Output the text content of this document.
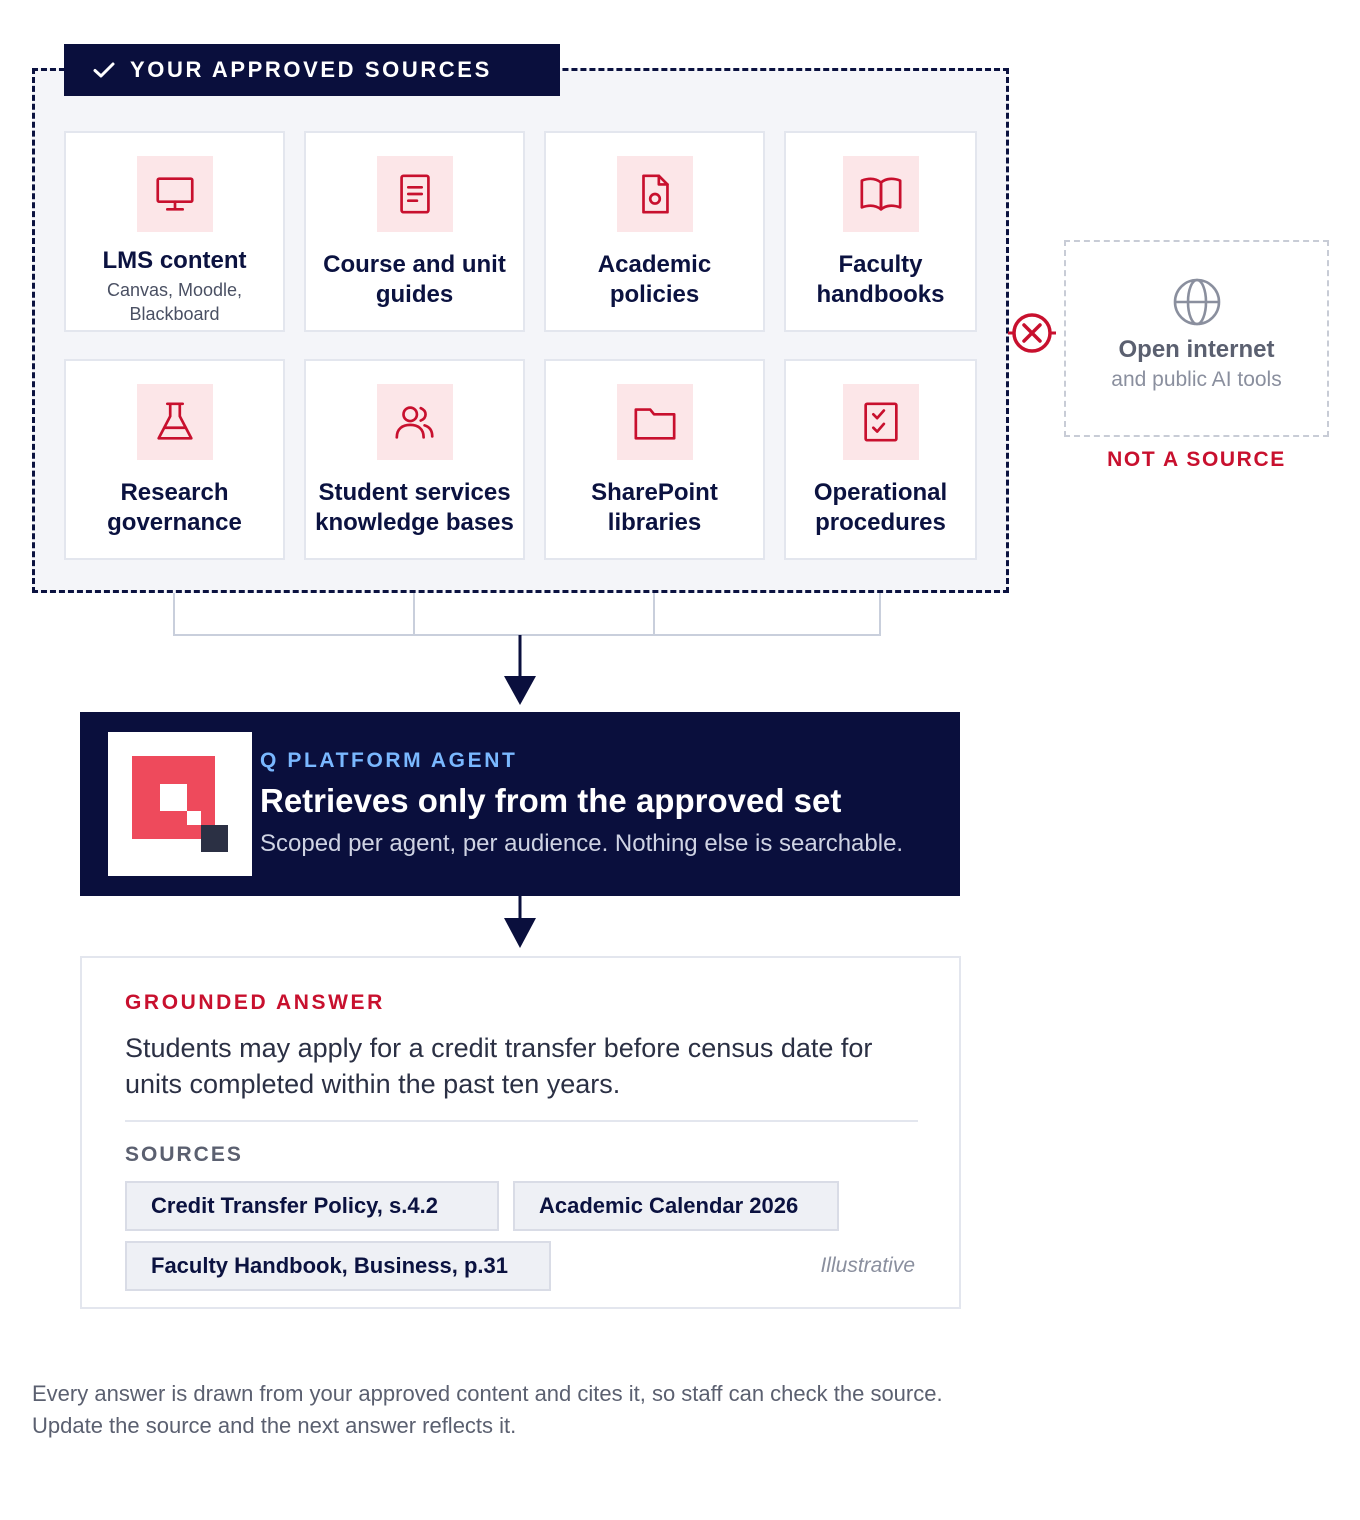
YOUR APPROVED SOURCES
LMS content
Canvas, Moodle, Blackboard
Course and unit guides
Academic policies
Faculty handbooks
Research governance
Student services knowledge bases
SharePoint libraries
Operational procedures
Open internet
and public AI tools
NOT A SOURCE
Q PLATFORM AGENT
Retrieves only from the approved set
Scoped per agent, per audience. Nothing else is searchable.
GROUNDED ANSWER
Students may apply for a credit transfer before census date for units completed within the past ten years.
SOURCES
Credit Transfer Policy, s.4.2	Academic Calendar 2026
Faculty Handbook, Business, p.31	Illustrative
Every answer is drawn from your approved content and cites it, so staff can check the source. Update the source and the next answer reflects it.
